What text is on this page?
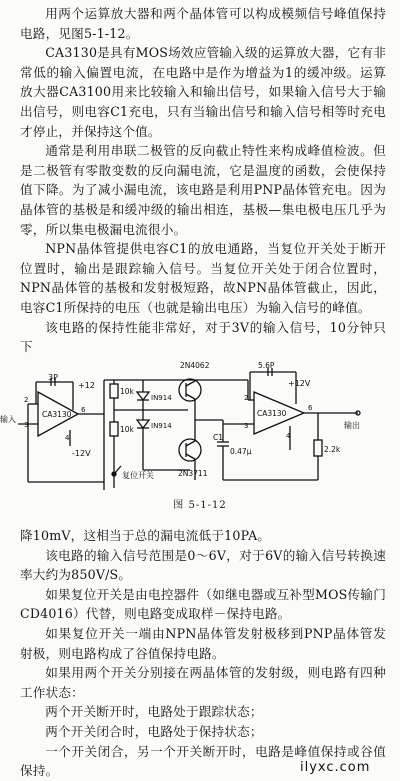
用两个运算放大器和两个晶体管可以构成模频信号峰值保持电路，见图5-1-12。

CA3130是具有MOS场效应管输入级的运算放大器，它有非常低的输入偏置电流，在电路中是作为增益为1的缓冲级。运算放大器CA3100用来比较输入和输出信号，如果输入信号大于输出信号，则电容C1充电，只有当输出信号和输入信号相等时充电才停止，并保持这个值。

通常是利用串联二极管的反向截止特性来构成峰值检波。但是二极管有零散变数的反向漏电流，它是温度的函数，会使保持值下降。为了减小漏电流，该电路是利用PNP晶体管充电。因为晶体管的基极是和缓冲级的输出相连，基极—集电极电压几乎为零，所以集电极漏电流很小。

NPN晶体管提供电容C1的放电通路，当复位开关处于断开位置时，输出是跟踪输入信号。当复位开关处于闭合位置时，NPN晶体管的基极和发射极短路，故NPN晶体管截止，因此，电容C1所保持的电压（也就是输出电压）为输入信号的峰值。

该电路的保持性能非常好，对于3V的输入信号，10分钟只下

3P
+12
CA3130
2
3
4
6
输入
-12V
10k
10k
IN914
IN914
2N4062
2N3711
C1
0.47μ
复位开关
5.6P
+12V
CA3130
3
2
6
4
输出
2.2k
图 5-1-12

降10mV，这相当于总的漏电流低于10PA。

该电路的输入信号范围是0～6V，对于6V的输入信号转换速率大约为850V/S。

如果复位开关是由电控器件（如继电器或互补型MOS传输门CD4016）代替，则电路变成取样－保持电路。

如果复位开关一端由NPN晶体管发射极移到PNP晶体管发射极，则电路构成了谷值保持电路。

如果用两个开关分别接在两晶体管的发射级，则电路有四种工作状态：

两个开关断开时，电路处于跟踪状态；

两个开关闭合时，电路处于保持状态；

一个开关闭合，另一个开关断开时，电路是峰值保持或谷值保持。	ilyxc.com
